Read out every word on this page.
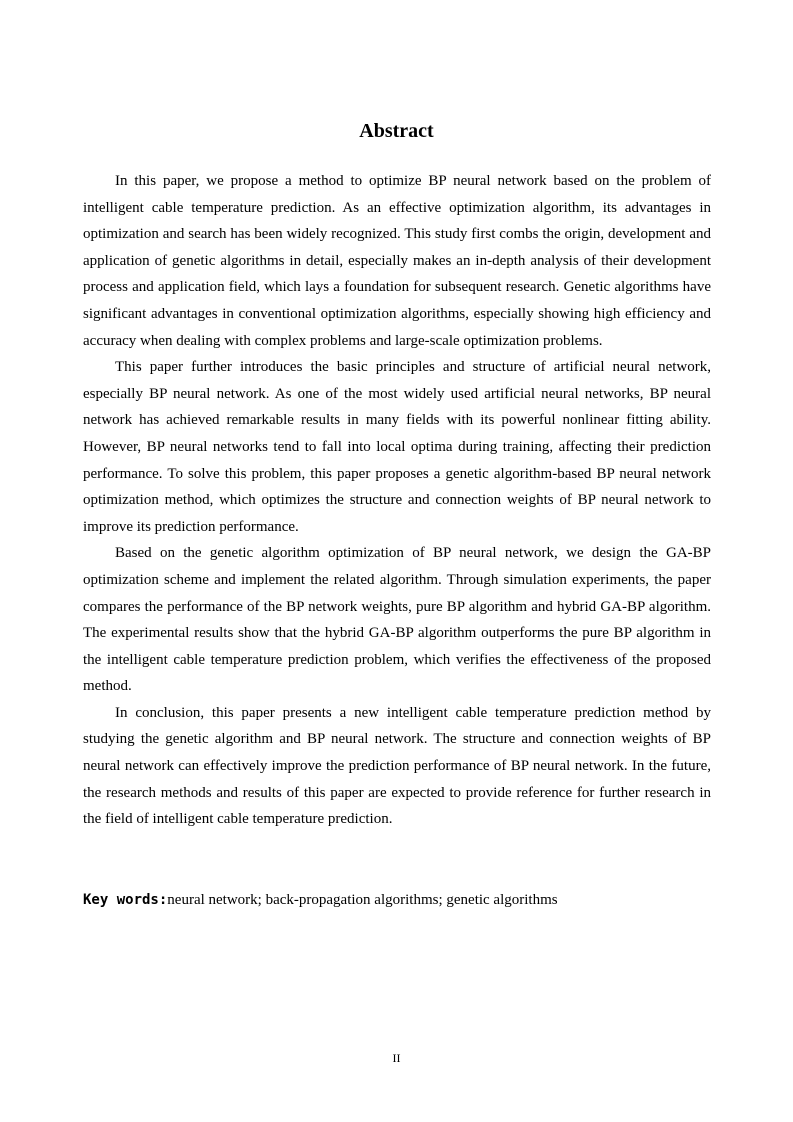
Abstract

In this paper, we propose a method to optimize BP neural network based on the problem of intelligent cable temperature prediction. As an effective optimization algorithm, its advantages in optimization and search has been widely recognized. This study first combs the origin, development and application of genetic algorithms in detail, especially makes an in-depth analysis of their development process and application field, which lays a foundation for subsequent research. Genetic algorithms have significant advantages in conventional optimization algorithms, especially showing high efficiency and accuracy when dealing with complex problems and large-scale optimization problems.

This paper further introduces the basic principles and structure of artificial neural network, especially BP neural network. As one of the most widely used artificial neural networks, BP neural network has achieved remarkable results in many fields with its powerful nonlinear fitting ability. However, BP neural networks tend to fall into local optima during training, affecting their prediction performance. To solve this problem, this paper proposes a genetic algorithm-based BP neural network optimization method, which optimizes the structure and connection weights of BP neural network to improve its prediction performance.

Based on the genetic algorithm optimization of BP neural network, we design the GA-BP optimization scheme and implement the related algorithm. Through simulation experiments, the paper compares the performance of the BP network weights, pure BP algorithm and hybrid GA-BP algorithm. The experimental results show that the hybrid GA-BP algorithm outperforms the pure BP algorithm in the intelligent cable temperature prediction problem, which verifies the effectiveness of the proposed method.

In conclusion, this paper presents a new intelligent cable temperature prediction method by studying the genetic algorithm and BP neural network. The structure and connection weights of BP neural network can effectively improve the prediction performance of BP neural network. In the future, the research methods and results of this paper are expected to provide reference for further research in the field of intelligent cable temperature prediction.

Key words:neural network; back-propagation algorithms; genetic algorithms

II
